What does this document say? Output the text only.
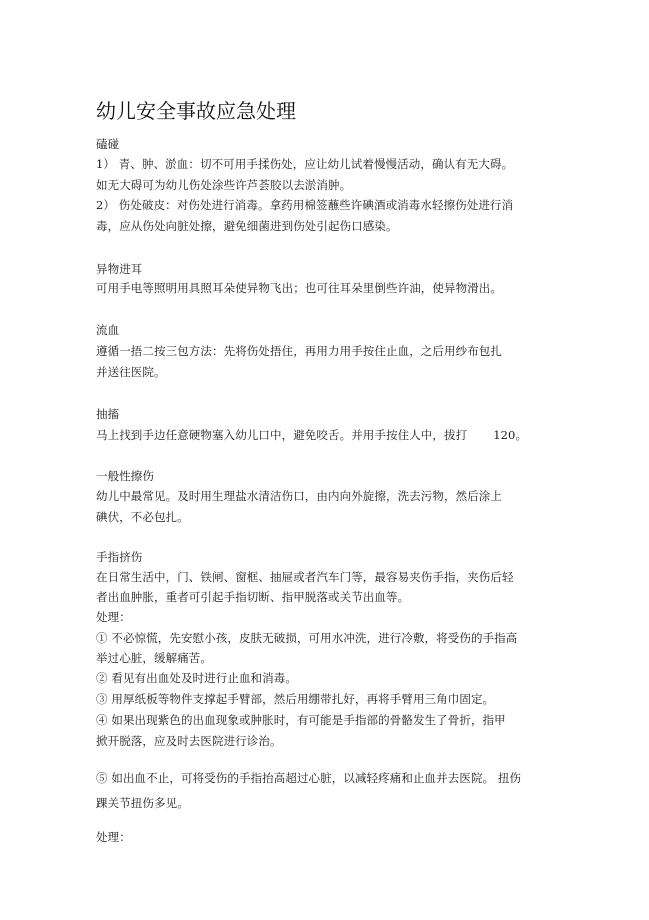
幼儿安全事故应急处理
磕碰
1） 青、肿、淤血：切不可用手揉伤处，应让幼儿试着慢慢活动，确认有无大碍。
如无大碍可为幼儿伤处涂些许芦荟胶以去淤消肿。
2） 伤处破皮：对伤处进行消毒。拿药用棉签蘸些许碘酒或消毒水轻擦伤处进行消
毒，应从伤处向脏处擦，避免细菌进到伤处引起伤口感染。
异物进耳
可用手电等照明用具照耳朵使异物飞出；也可往耳朵里倒些许油，使异物滑出。
流血
遵循一捂二按三包方法：先将伤处捂住，再用力用手按住止血，之后用纱布包扎
并送往医院。
抽搐
马上找到手边任意硬物塞入幼儿口中，避免咬舌。并用手按住人中，拔打 120。
一般性擦伤
幼儿中最常见。及时用生理盐水清洁伤口，由内向外旋擦，洗去污物，然后涂上
碘伏，不必包扎。
手指挤伤
在日常生活中，门、铁闸、窗框、抽屉或者汽车门等，最容易夹伤手指，夹伤后轻
者出血肿胀，重者可引起手指切断、指甲脱落或关节出血等。
处理：
① 不必惊慌，先安慰小孩，皮肤无破损，可用水冲洗，进行冷敷，将受伤的手指高
举过心脏，缓解痛苦。
② 看见有出血处及时进行止血和消毒。
③ 用厚纸板等物件支撑起手臂部，然后用绷带扎好，再将手臂用三角巾固定。
④ 如果出现紫色的出血现象或肿胀时，有可能是手指部的骨骼发生了骨折，指甲
掀开脱落，应及时去医院进行诊治。
⑤ 如出血不止，可将受伤的手指抬高超过心脏，以减轻疼痛和止血并去医院。 扭伤
踝关节扭伤多见。
处理：
